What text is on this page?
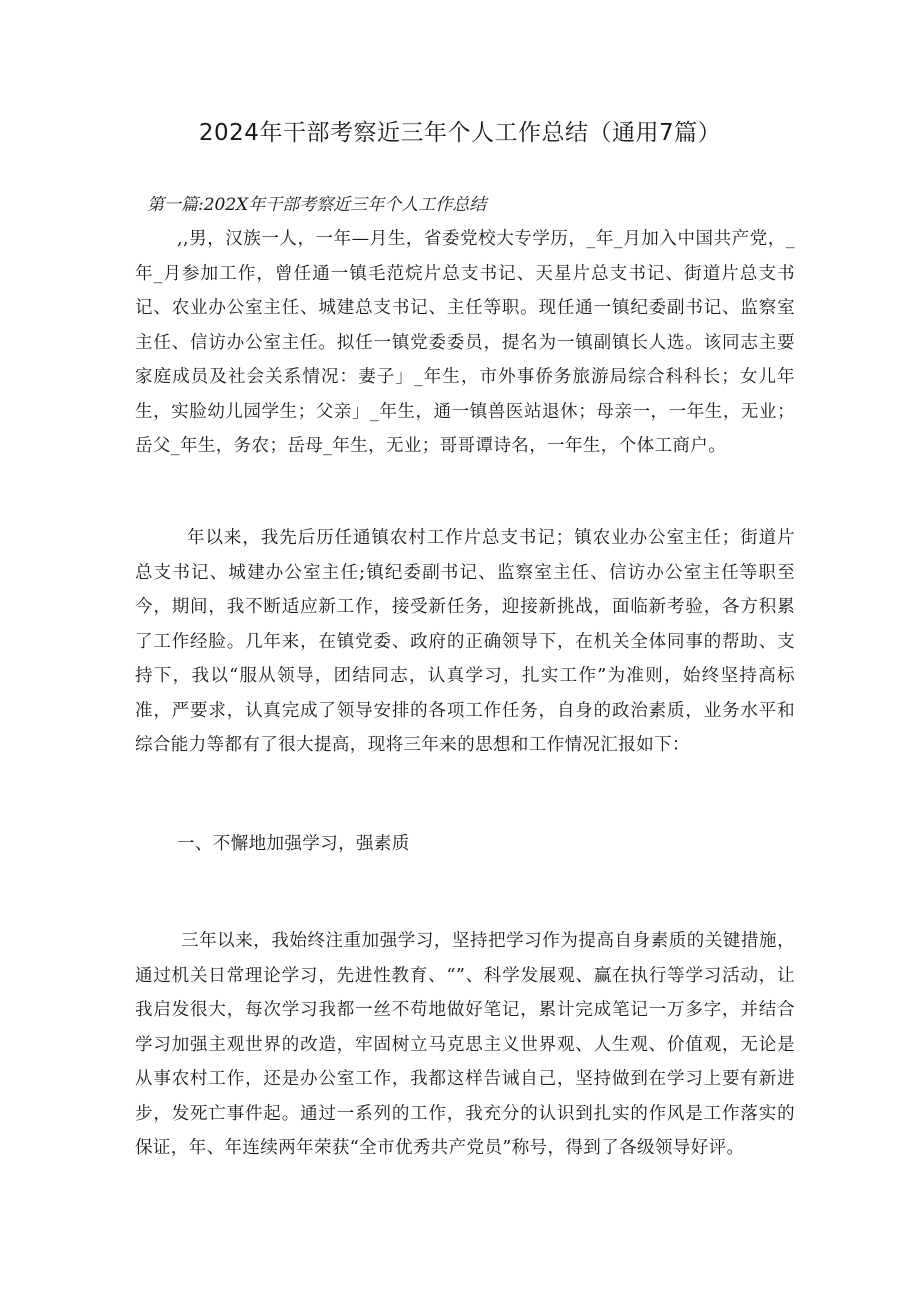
2024年干部考察近三年个人工作总结（通用7篇）

第一篇:202X年干部考察近三年个人工作总结

,,男，汉族一人，一年—月生，省委党校大专学历，_年_月加入中国共产党，_年_月参加工作，曾任通一镇毛范烷片总支书记、天星片总支书记、街道片总支书记、农业办公室主任、城建总支书记、主任等职。现任通一镇纪委副书记、监察室主任、信访办公室主任。拟任一镇党委委员，提名为一镇副镇长人选。该同志主要家庭成员及社会关系情况：妻子」_年生，市外事侨务旅游局综合科科长；女儿年生，实脸幼儿园学生；父亲」_年生，通一镇兽医站退休；母亲一，一年生，无业；岳父_年生，务农；岳母_年生，无业；哥哥谭诗名，一年生，个体工商户。

年以来，我先后历任通镇农村工作片总支书记；镇农业办公室主任；街道片总支书记、城建办公室主任;镇纪委副书记、监察室主任、信访办公室主任等职至今，期间，我不断适应新工作，接受新任务，迎接新挑战，面临新考验，各方积累了工作经脸。几年来，在镇党委、政府的正确领导下，在机关全体同事的帮助、支持下，我以“服从领导，团结同志，认真学习，扎实工作”为准则，始终坚持高标准，严要求，认真完成了领导安排的各项工作任务，自身的政治素质，业务水平和综合能力等都有了很大提高，现将三年来的思想和工作情况汇报如下：

一、不懈地加强学习，强素质

三年以来，我始终注重加强学习，坚持把学习作为提高自身素质的关键措施，通过机关日常理论学习，先进性教育、“”、科学发展观、赢在执行等学习活动，让我启发很大，每次学习我都一丝不苟地做好笔记，累计完成笔记一万多字，并结合学习加强主观世界的改造，牢固树立马克思主义世界观、人生观、价值观，无论是从事农村工作，还是办公室工作，我都这样告诫自己，坚持做到在学习上要有新进步，发死亡事件起。通过一系列的工作，我充分的认识到扎实的作风是工作落实的保证，年、年连续两年荣获“全市优秀共产党员”称号，得到了各级领导好评。
